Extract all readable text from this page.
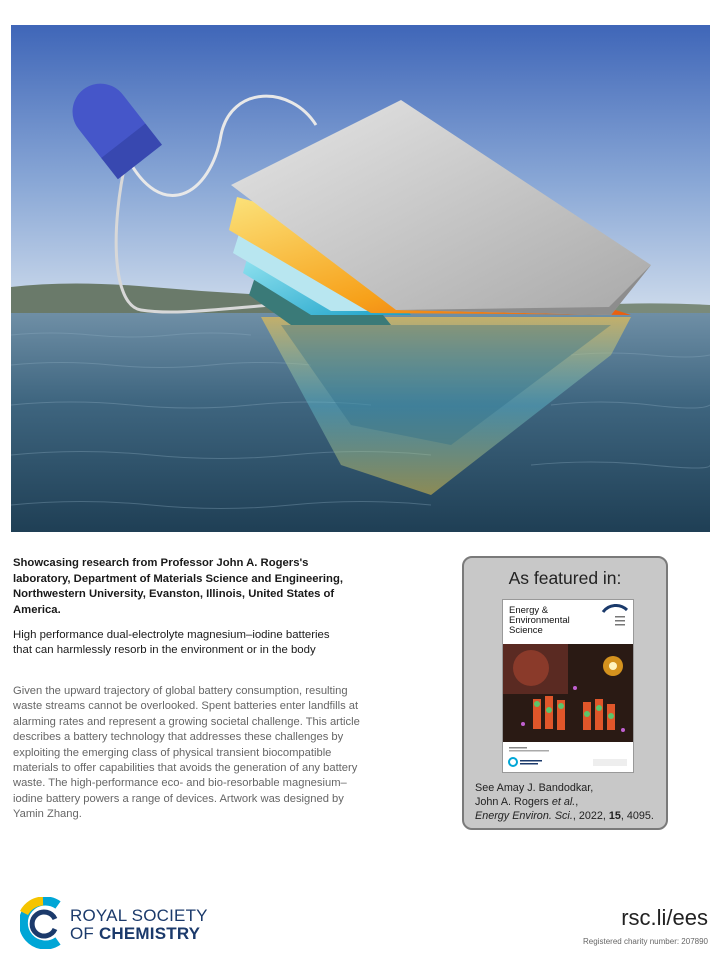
Showcasing research from Professor John A. Rogers's laboratory, Department of Materials Science and Engineering, Northwestern University, Evanston, Illinois, United States of America.

High performance dual-electrolyte magnesium–iodine batteries that can harmlessly resorb in the environment or in the body

Given the upward trajectory of global battery consumption, resulting waste streams cannot be overlooked. Spent batteries enter landfills at alarming rates and represent a growing societal challenge. This article describes a battery technology that addresses these challenges by exploiting the emerging class of physical transient biocompatible materials to offer capabilities that avoids the generation of any battery waste. The high-performance eco- and bio-resorbable magnesium–iodine battery powers a range of devices. Artwork was designed by Yamin Zhang.

As featured in:

Energy &
Environmental
Science

See Amay J. Bandodkar,
John A. Rogers et al.,
Energy Environ. Sci., 2022, 15, 4095.

ROYAL SOCIETY
OF CHEMISTRY

rsc.li/ees

Registered charity number: 207890
